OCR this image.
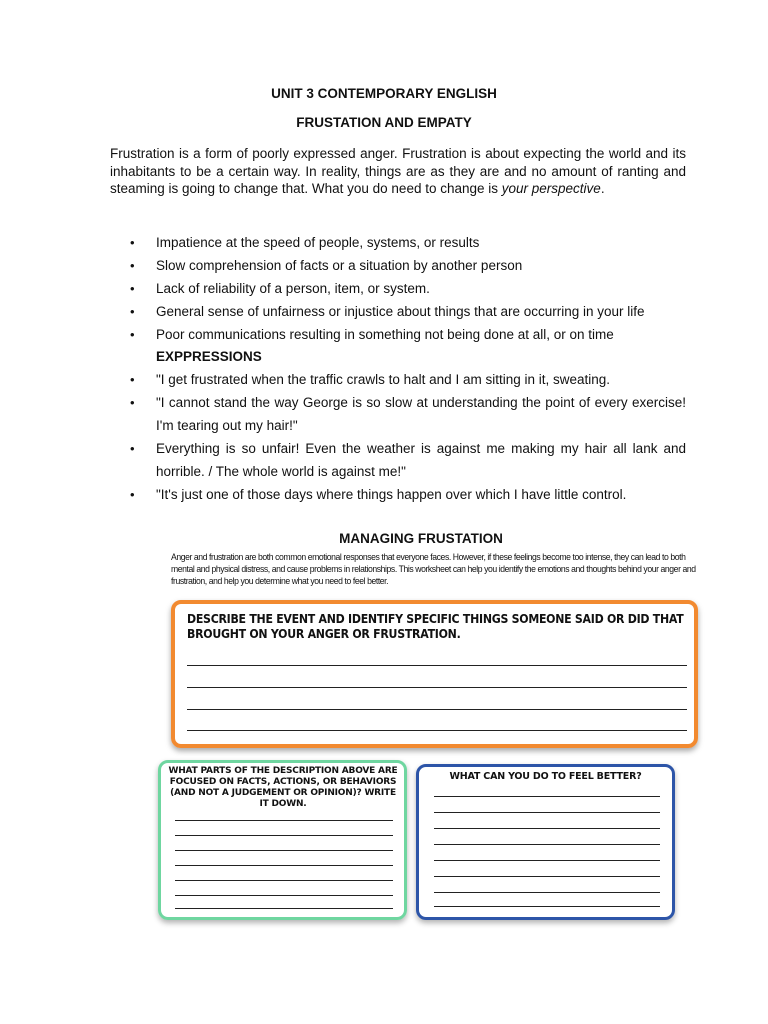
UNIT 3 CONTEMPORARY ENGLISH
FRUSTATION AND EMPATY
Frustration is a form of poorly expressed anger. Frustration is about expecting the world and its inhabitants to be a certain way. In reality, things are as they are and no amount of ranting and steaming is going to change that. What you do need to change is your perspective.
• Impatience at the speed of people, systems, or results
• Slow comprehension of facts or a situation by another person
• Lack of reliability of a person, item, or system.
• General sense of unfairness or injustice about things that are occurring in your life
• Poor communications resulting in something not being done at all, or on time
EXPPRESSIONS
• "I get frustrated when the traffic crawls to halt and I am sitting in it, sweating.
• "I cannot stand the way George is so slow at understanding the point of every exercise! I'm tearing out my hair!"
• Everything is so unfair! Even the weather is against me making my hair all lank and horrible. / The whole world is against me!"
• "It's just one of those days where things happen over which I have little control.
MANAGING FRUSTATION
Anger and frustration are both common emotional responses that everyone faces. However, if these feelings become too intense, they can lead to both mental and physical distress, and cause problems in relationships. This worksheet can help you identify the emotions and thoughts behind your anger and frustration, and help you determine what you need to feel better.
DESCRIBE THE EVENT AND IDENTIFY SPECIFIC THINGS SOMEONE SAID OR DID THAT BROUGHT ON YOUR ANGER OR FRUSTRATION.
WHAT PARTS OF THE DESCRIPTION ABOVE ARE FOCUSED ON FACTS, ACTIONS, OR BEHAVIORS (AND NOT A JUDGEMENT OR OPINION)? WRITE IT DOWN.
WHAT CAN YOU DO TO FEEL BETTER?
